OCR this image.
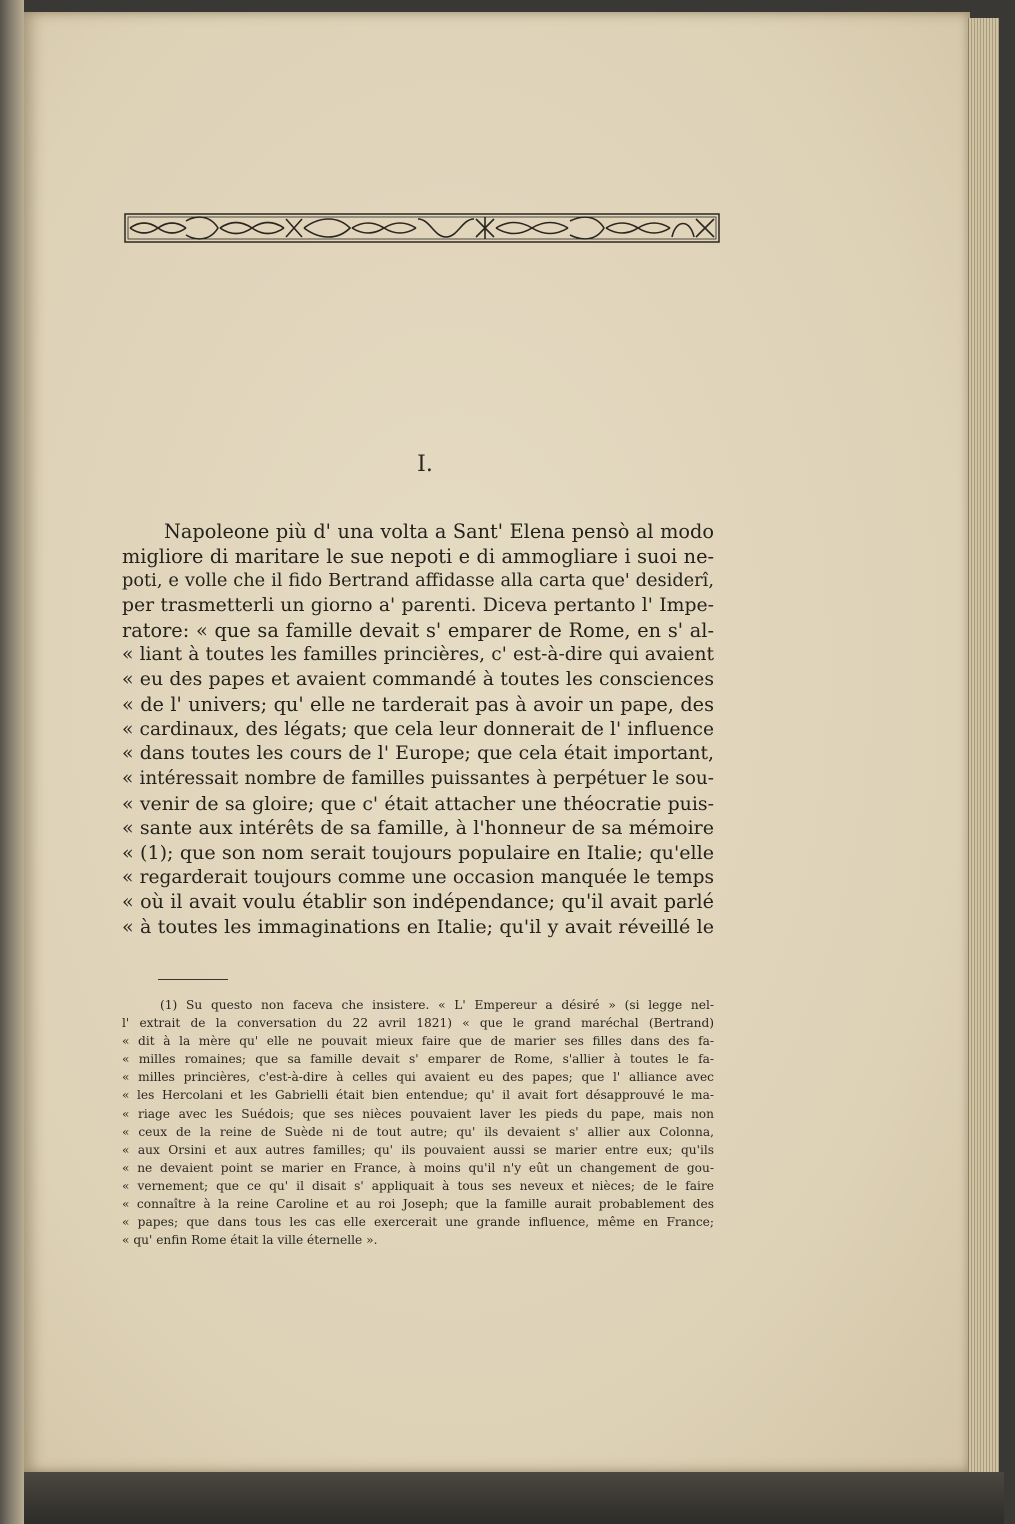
I.
Napoleone più d' una volta a Sant' Elena pensò al modo
migliore di maritare le sue nepoti e di ammogliare i suoi ne-
poti, e volle che il fido Bertrand affidasse alla carta que' desiderî,
per trasmetterli un giorno a' parenti. Diceva pertanto l' Impe-
ratore: « que sa famille devait s' emparer de Rome, en s' al-
« liant à toutes les familles princières, c' est-à-dire qui avaient
« eu des papes et avaient commandé à toutes les consciences
« de l' univers; qu' elle ne tarderait pas à avoir un pape, des
« cardinaux, des légats; que cela leur donnerait de l' influence
« dans toutes les cours de l' Europe; que cela était important,
« intéressait nombre de familles puissantes à perpétuer le sou-
« venir de sa gloire; que c' était attacher une théocratie puis-
« sante aux intérêts de sa famille, à l'honneur de sa mémoire
« (1); que son nom serait toujours populaire en Italie; qu'elle
« regarderait toujours comme une occasion manquée le temps
« où il avait voulu établir son indépendance; qu'il avait parlé
« à toutes les immaginations en Italie; qu'il y avait réveillé le
(1) Su questo non faceva che insistere. « L' Empereur a désiré » (si legge nel-
l' extrait de la conversation du 22 avril 1821) « que le grand maréchal (Bertrand)
« dit à la mère qu' elle ne pouvait mieux faire que de marier ses filles dans des fa-
« milles romaines; que sa famille devait s' emparer de Rome, s'allier à toutes le fa-
« milles princières, c'est-à-dire à celles qui avaient eu des papes; que l' alliance avec
« les Hercolani et les Gabrielli était bien entendue; qu' il avait fort désapprouvé le ma-
« riage avec les Suédois; que ses nièces pouvaient laver les pieds du pape, mais non
« ceux de la reine de Suède ni de tout autre; qu' ils devaient s' allier aux Colonna,
« aux Orsini et aux autres familles; qu' ils pouvaient aussi se marier entre eux; qu'ils
« ne devaient point se marier en France, à moins qu'il n'y eût un changement de gou-
« vernement; que ce qu' il disait s' appliquait à tous ses neveux et nièces; de le faire
« connaître à la reine Caroline et au roi Joseph; que la famille aurait probablement des
« papes; que dans tous les cas elle exercerait une grande influence, même en France;
« qu' enfin Rome était la ville éternelle ».
